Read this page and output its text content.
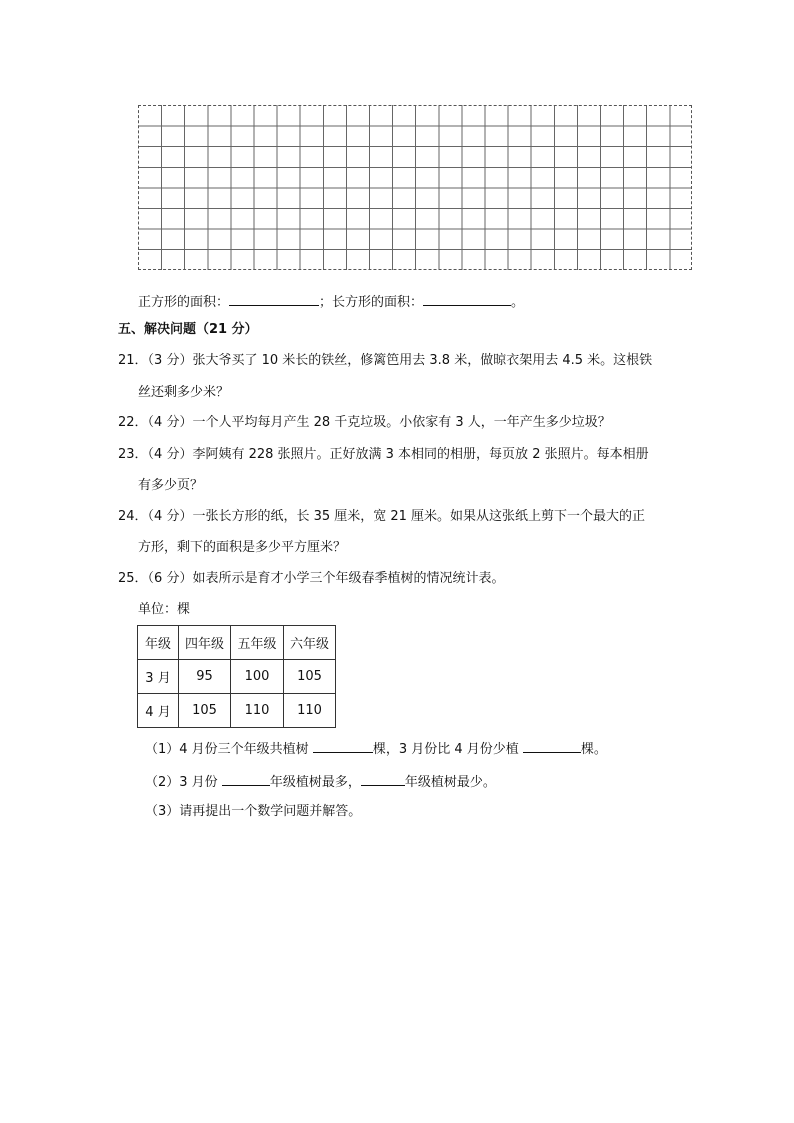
正方形的面积：	；长方形的面积：	。
五、解决问题（21 分）
21．（3 分）张大爷买了 10 米长的铁丝，修篱笆用去 3.8 米，做晾衣架用去 4.5 米。这根铁
丝还剩多少米？
22．（4 分）一个人平均每月产生 28 千克垃圾。小依家有 3 人，一年产生多少垃圾？
23．（4 分）李阿姨有 228 张照片。正好放满 3 本相同的相册，每页放 2 张照片。每本相册
有多少页？
24．（4 分）一张长方形的纸，长 35 厘米，宽 21 厘米。如果从这张纸上剪下一个最大的正
方形，剩下的面积是多少平方厘米？
25．（6 分）如表所示是育才小学三个年级春季植树的情况统计表。
单位：棵
年级	四年级	五年级	六年级
3 月	95	100	105
4 月	105	110	110
（1）4 月份三个年级共植树	棵，3 月份比 4 月份少植	棵。
（2）3 月份	年级植树最多，	年级植树最少。
（3）请再提出一个数学问题并解答。
